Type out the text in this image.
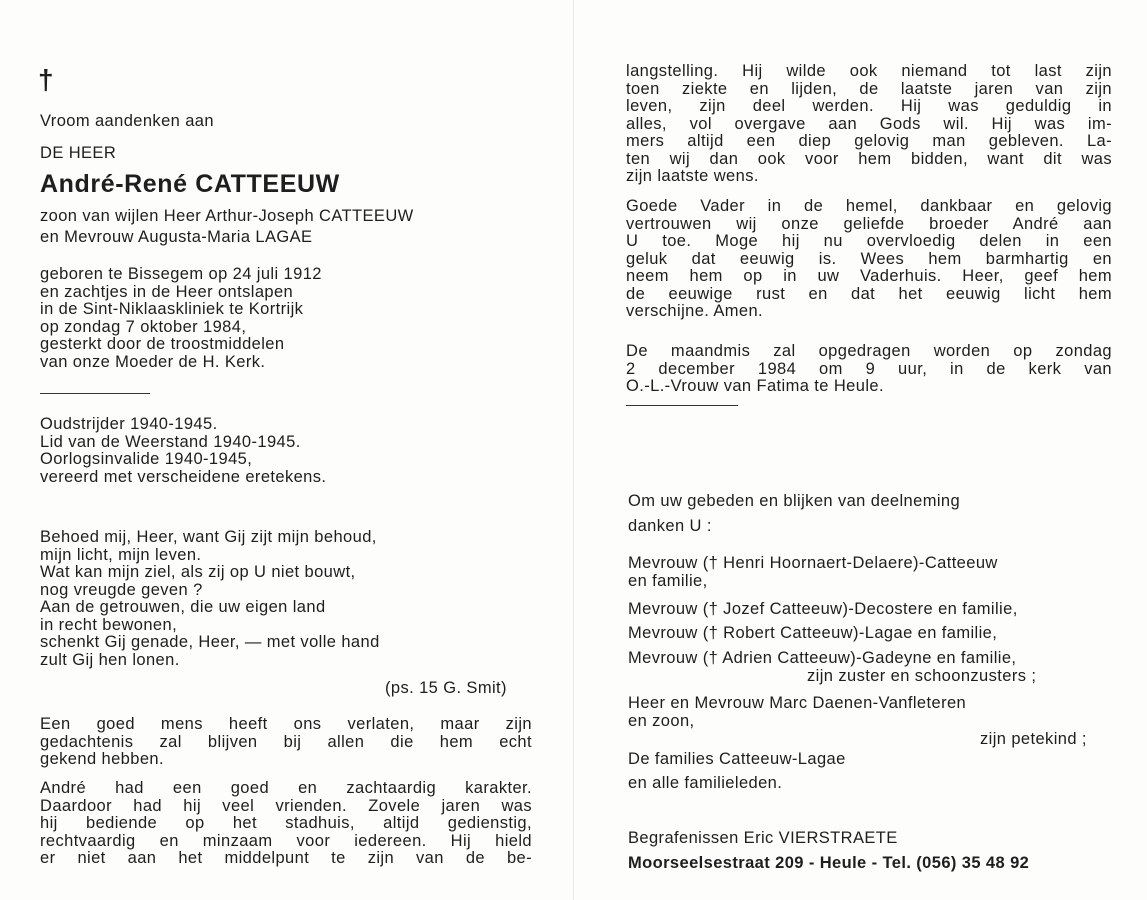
†
Vroom aandenken aan
DE HEER
André-René CATTEEUW
zoon van wijlen Heer Arthur-Joseph CATTEEUW
en Mevrouw Augusta-Maria LAGAE
geboren te Bissegem op 24 juli 1912
en zachtjes in de Heer ontslapen
in de Sint-Niklaaskliniek te Kortrijk
op zondag 7 oktober 1984,
gesterkt door de troostmiddelen
van onze Moeder de H. Kerk.
Oudstrijder 1940-1945.
Lid van de Weerstand 1940-1945.
Oorlogsinvalide 1940-1945,
vereerd met verscheidene eretekens.
Behoed mij, Heer, want Gij zijt mijn behoud,
mijn licht, mijn leven.
Wat kan mijn ziel, als zij op U niet bouwt,
nog vreugde geven ?
Aan de getrouwen, die uw eigen land
in recht bewonen,
schenkt Gij genade, Heer, — met volle hand
zult Gij hen lonen.
(ps. 15 G. Smit)
Een goed mens heeft ons verlaten, maar zijn
gedachtenis zal blijven bij allen die hem echt
gekend hebben.
André had een goed en zachtaardig karakter.
Daardoor had hij veel vrienden. Zovele jaren was
hij bediende op het stadhuis, altijd gedienstig,
rechtvaardig en minzaam voor iedereen. Hij hield
er niet aan het middelpunt te zijn van de be-
langstelling. Hij wilde ook niemand tot last zijn
toen ziekte en lijden, de laatste jaren van zijn
leven, zijn deel werden. Hij was geduldig in
alles, vol overgave aan Gods wil. Hij was im-
mers altijd een diep gelovig man gebleven. La-
ten wij dan ook voor hem bidden, want dit was
zijn laatste wens.
Goede Vader in de hemel, dankbaar en gelovig
vertrouwen wij onze geliefde broeder André aan
U toe. Moge hij nu overvloedig delen in een
geluk dat eeuwig is. Wees hem barmhartig en
neem hem op in uw Vaderhuis. Heer, geef hem
de eeuwige rust en dat het eeuwig licht hem
verschijne. Amen.
De maandmis zal opgedragen worden op zondag
2 december 1984 om 9 uur, in de kerk van
O.-L.-Vrouw van Fatima te Heule.
Om uw gebeden en blijken van deelneming
danken U :
Mevrouw († Henri Hoornaert-Delaere)-Catteeuw
en familie,
Mevrouw († Jozef Catteeuw)-Decostere en familie,
Mevrouw († Robert Catteeuw)-Lagae en familie,
Mevrouw († Adrien Catteeuw)-Gadeyne en familie,
zijn zuster en schoonzusters ;
Heer en Mevrouw Marc Daenen-Vanfleteren
en zoon,
zijn petekind ;
De families Catteeuw-Lagae
en alle familieleden.
Begrafenissen Eric VIERSTRAETE
Moorseelsestraat 209 - Heule - Tel. (056) 35 48 92
